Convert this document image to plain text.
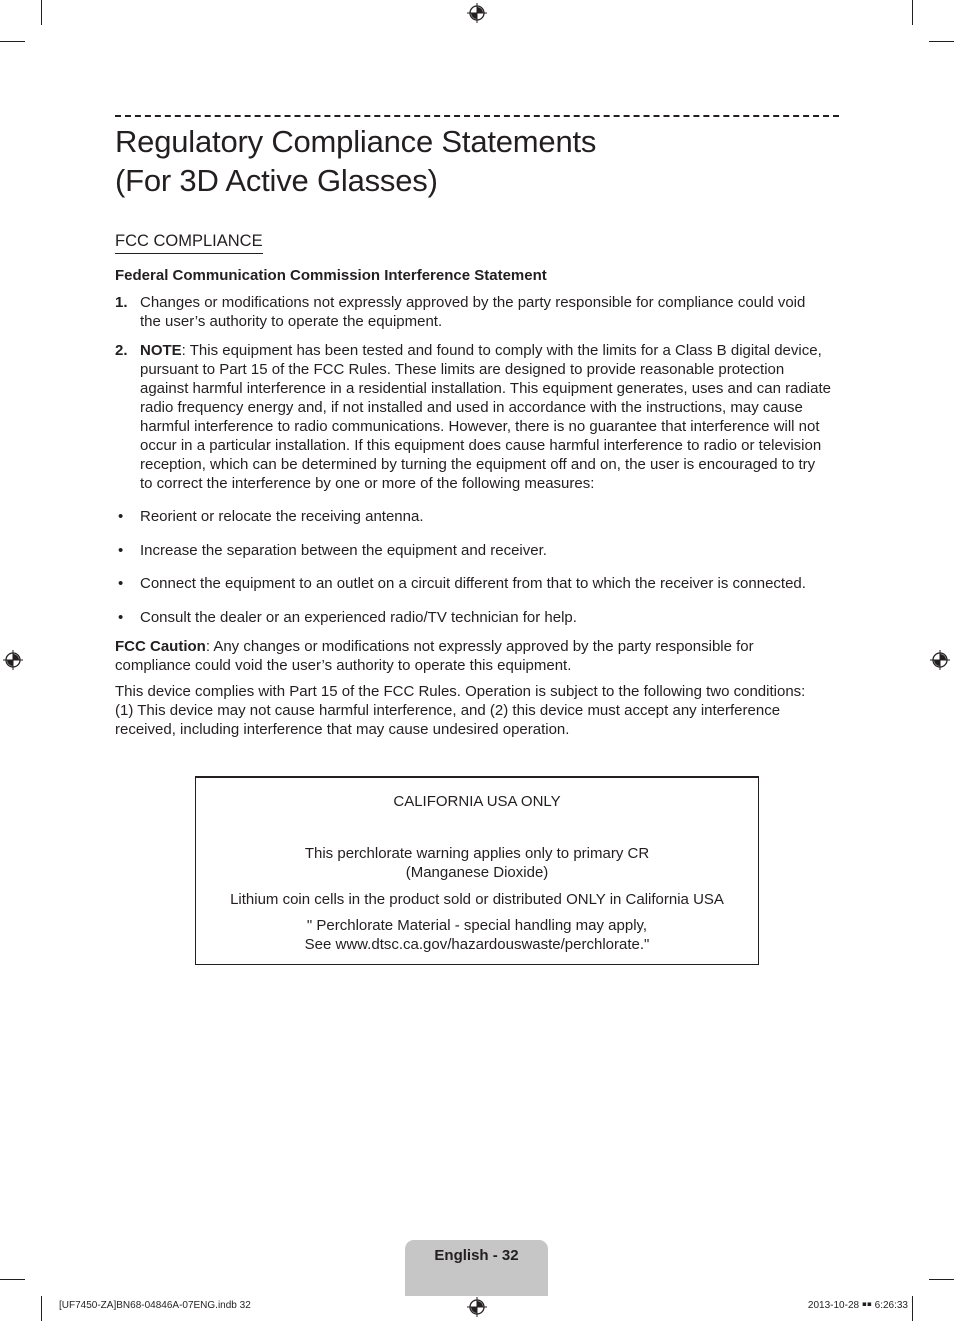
Regulatory Compliance Statements
(For 3D Active Glasses)
FCC COMPLIANCE
Federal Communication Commission Interference Statement
1. Changes or modifications not expressly approved by the party responsible for compliance could void
the user’s authority to operate the equipment.

2. NOTE: This equipment has been tested and found to comply with the limits for a Class B digital device,
pursuant to Part 15 of the FCC Rules. These limits are designed to provide reasonable protection
against harmful interference in a residential installation. This equipment generates, uses and can radiate
radio frequency energy and, if not installed and used in accordance with the instructions, may cause
harmful interference to radio communications. However, there is no guarantee that interference will not
occur in a particular installation. If this equipment does cause harmful interference to radio or television
reception, which can be determined by turning the equipment off and on, the user is encouraged to try
to correct the interference by one or more of the following measures:

• Reorient or relocate the receiving antenna.

• Increase the separation between the equipment and receiver.

• Connect the equipment to an outlet on a circuit different from that to which the receiver is connected.

• Consult the dealer or an experienced radio/TV technician for help.

FCC Caution: Any changes or modifications not expressly approved by the party responsible for
compliance could void the user’s authority to operate this equipment.

This device complies with Part 15 of the FCC Rules. Operation is subject to the following two conditions:
(1) This device may not cause harmful interference, and (2) this device must accept any interference
received, including interference that may cause undesired operation.

CALIFORNIA USA ONLY
This perchlorate warning applies only to primary CR
(Manganese Dioxide)
Lithium coin cells in the product sold or distributed ONLY in California USA
" Perchlorate Material - special handling may apply,
See www.dtsc.ca.gov/hazardouswaste/perchlorate."
English - 32
[UF7450-ZA]BN68-04846A-07ENG.indb 32	2013-10-28 ￭￭ 6:26:33
